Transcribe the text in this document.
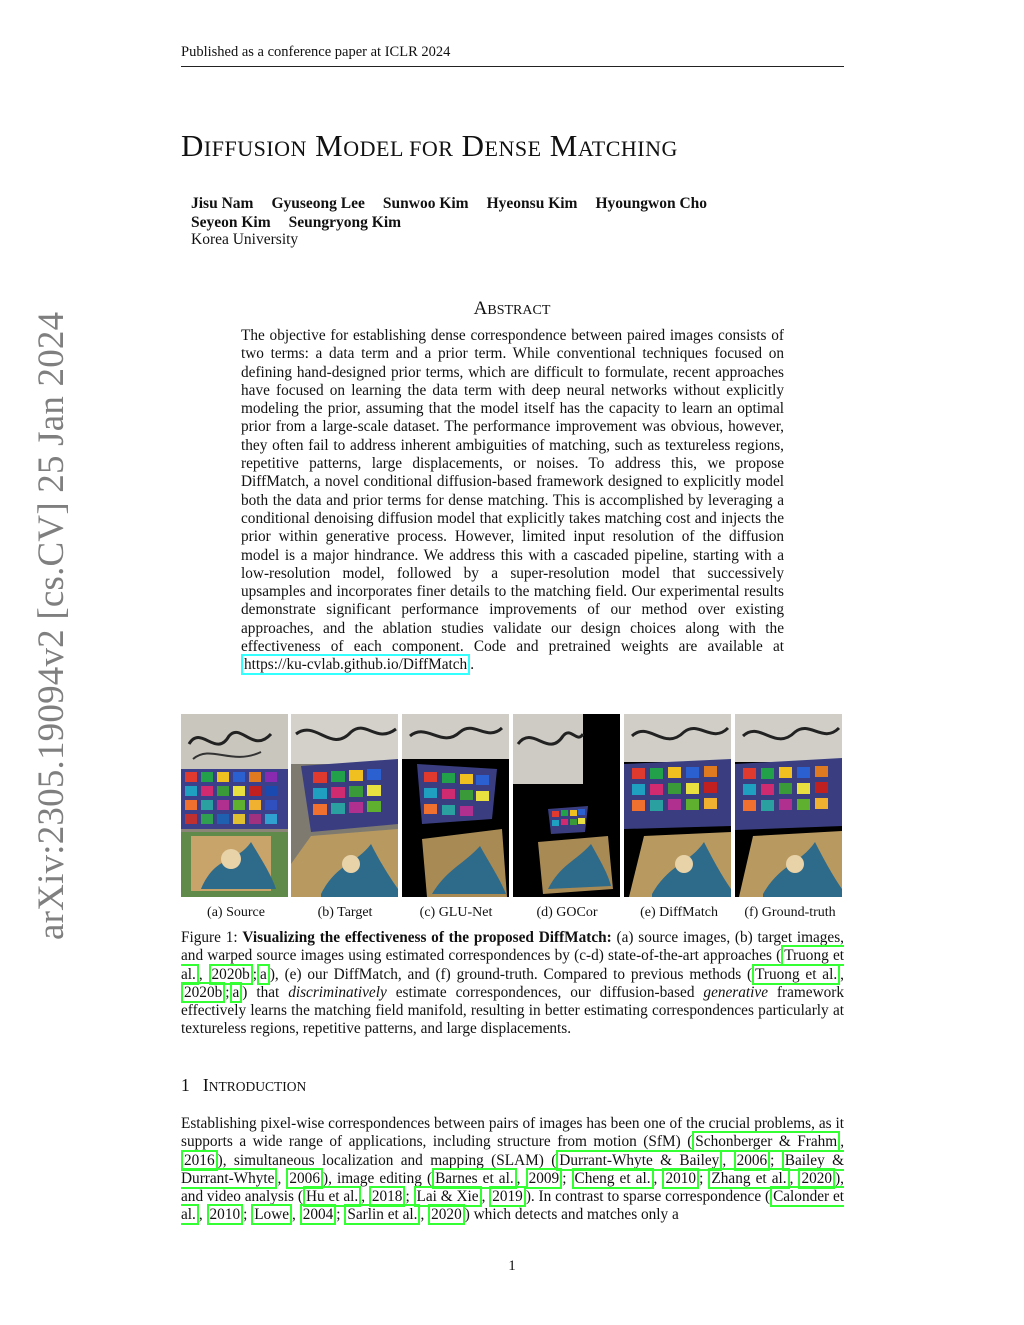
Published as a conference paper at ICLR 2024
arXiv:2305.19094v2 [cs.CV] 25 Jan 2024
DIFFUSION MODEL FOR DENSE MATCHING
Jisu Nam Gyuseong Lee Sunwoo Kim Hyeonsu Kim Hyoungwon Cho
Seyeon Kim Seungryong Kim
Korea University
ABSTRACT
The objective for establishing dense correspondence between paired images consists of two terms: a data term and a prior term. While conventional techniques focused on defining hand-designed prior terms, which are difficult to formulate, recent approaches have focused on learning the data term with deep neural networks without explicitly modeling the prior, assuming that the model itself has the capacity to learn an optimal prior from a large-scale dataset. The performance improvement was obvious, however, they often fail to address inherent ambiguities of matching, such as textureless regions, repetitive patterns, large displacements, or noises. To address this, we propose DiffMatch, a novel conditional diffusion-based framework designed to explicitly model both the data and prior terms for dense matching. This is accomplished by leveraging a conditional denoising diffusion model that explicitly takes matching cost and injects the prior within generative process. However, limited input resolution of the diffusion model is a major hindrance. We address this with a cascaded pipeline, starting with a low-resolution model, followed by a super-resolution model that successively upsamples and incorporates finer details to the matching field. Our experimental results demonstrate significant performance improvements of our method over existing approaches, and the ablation studies validate our design choices along with the effectiveness of each component. Code and pretrained weights are available at https://ku-cvlab.github.io/DiffMatch .
(a) Source	(b) Target	(c) GLU-Net	(d) GOCor	(e) DiffMatch	(f) Ground-truth
Figure 1: Visualizing the effectiveness of the proposed DiffMatch: (a) source images, (b) target images, and warped source images using estimated correspondences by (c-d) state-of-the-art approaches ( Truong et al. , 2020b ; a ), (e) our DiffMatch, and (f) ground-truth. Compared to previous methods ( Truong et al. , 2020b ; a ) that discriminatively estimate correspondences, our diffusion-based generative framework effectively learns the matching field manifold, resulting in better estimating correspondences particularly at textureless regions, repetitive patterns, and large displacements.
1 INTRODUCTION
Establishing pixel-wise correspondences between pairs of images has been one of the crucial problems, as it supports a wide range of applications, including structure from motion (SfM) ( Schonberger & Frahm , 2016 ), simultaneous localization and mapping (SLAM) ( Durrant-Whyte & Bailey , 2006 ; Bailey & Durrant-Whyte , 2006 ), image editing ( Barnes et al. , 2009 ; Cheng et al. , 2010 ; Zhang et al. , 2020 ), and video analysis ( Hu et al. , 2018 ; Lai & Xie , 2019 ). In contrast to sparse correspondence ( Calonder et al. , 2010 ; Lowe , 2004 ; Sarlin et al. , 2020 ) which detects and matches only a
1
